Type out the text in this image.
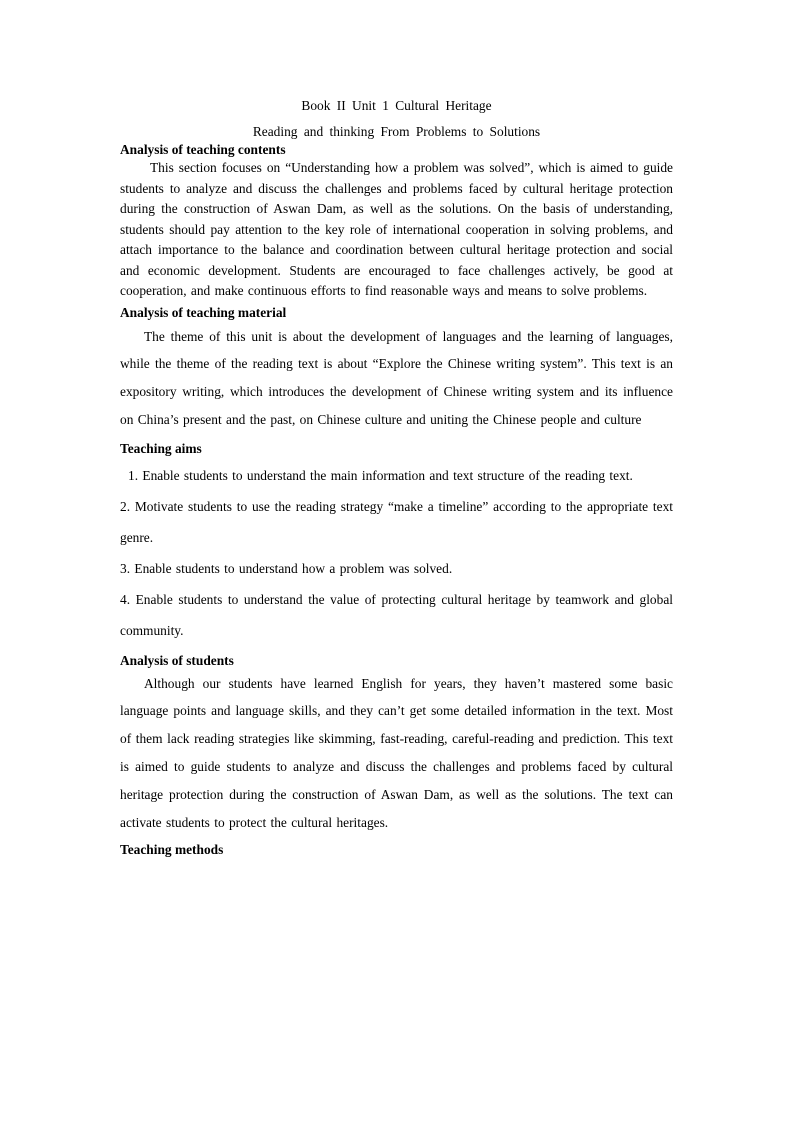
Book II Unit 1 Cultural Heritage

Reading and thinking From Problems to Solutions

Analysis of teaching contents

This section focuses on “Understanding how a problem was solved”, which is aimed to guide students to analyze and discuss the challenges and problems faced by cultural heritage protection during the construction of Aswan Dam, as well as the solutions. On the basis of understanding, students should pay attention to the key role of international cooperation in solving problems, and attach importance to the balance and coordination between cultural heritage protection and social and economic development. Students are encouraged to face challenges actively, be good at cooperation, and make continuous efforts to find reasonable ways and means to solve problems.

Analysis of teaching material

The theme of this unit is about the development of languages and the learning of languages, while the theme of the reading text is about “Explore the Chinese writing system”. This text is an expository writing, which introduces the development of Chinese writing system and its influence on China’s present and the past, on Chinese culture and uniting the Chinese people and culture

Teaching aims

1. Enable students to understand the main information and text structure of the reading text.

2. Motivate students to use the reading strategy “make a timeline” according to the appropriate text genre.

3. Enable students to understand how a problem was solved.

4. Enable students to understand the value of protecting cultural heritage by teamwork and global community.

Analysis of students

Although our students have learned English for years, they haven’t mastered some basic language points and language skills, and they can’t get some detailed information in the text. Most of them lack reading strategies like skimming, fast-reading, careful-reading and prediction. This text is aimed to guide students to analyze and discuss the challenges and problems faced by cultural heritage protection during the construction of Aswan Dam, as well as the solutions. The text can activate students to protect the cultural heritages.

Teaching methods
